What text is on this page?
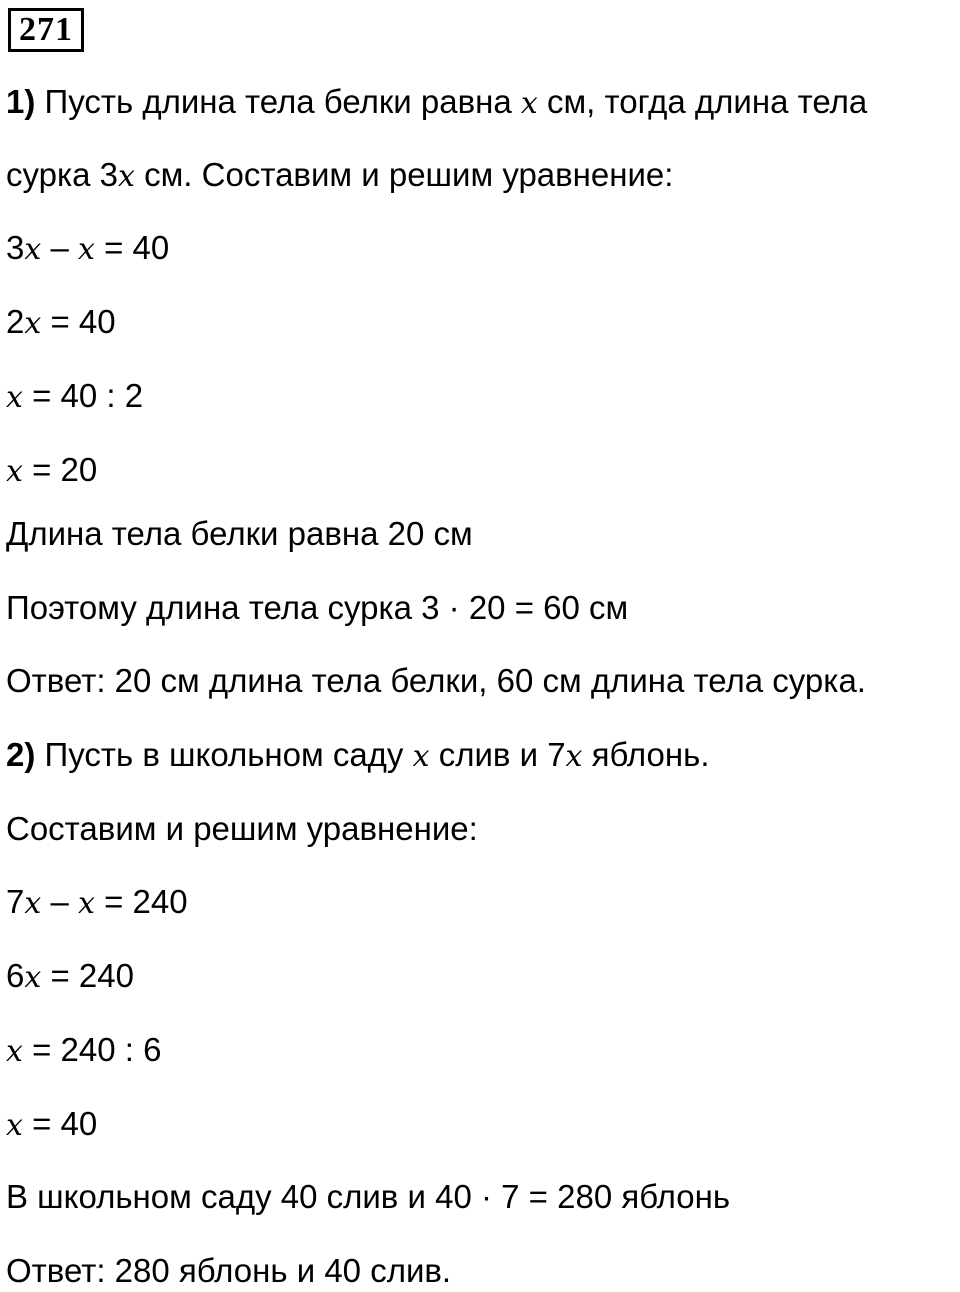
271
1) Пусть длина тела белки равна 𝑥 см, тогда длина тела
сурка 3𝑥 см. Составим и решим уравнение:
3𝑥 – 𝑥 = 40
2𝑥 = 40
𝑥 = 40 : 2
𝑥 = 20
Длина тела белки равна 20 см
Поэтому длина тела сурка 3 · 20 = 60 см
Ответ: 20 см длина тела белки, 60 см длина тела сурка.
2) Пусть в школьном саду 𝑥 слив и 7𝑥 яблонь.
Составим и решим уравнение:
7𝑥 – 𝑥 = 240
6𝑥 = 240
𝑥 = 240 : 6
𝑥 = 40
В школьном саду 40 слив и 40 · 7 = 280 яблонь
Ответ: 280 яблонь и 40 слив.
